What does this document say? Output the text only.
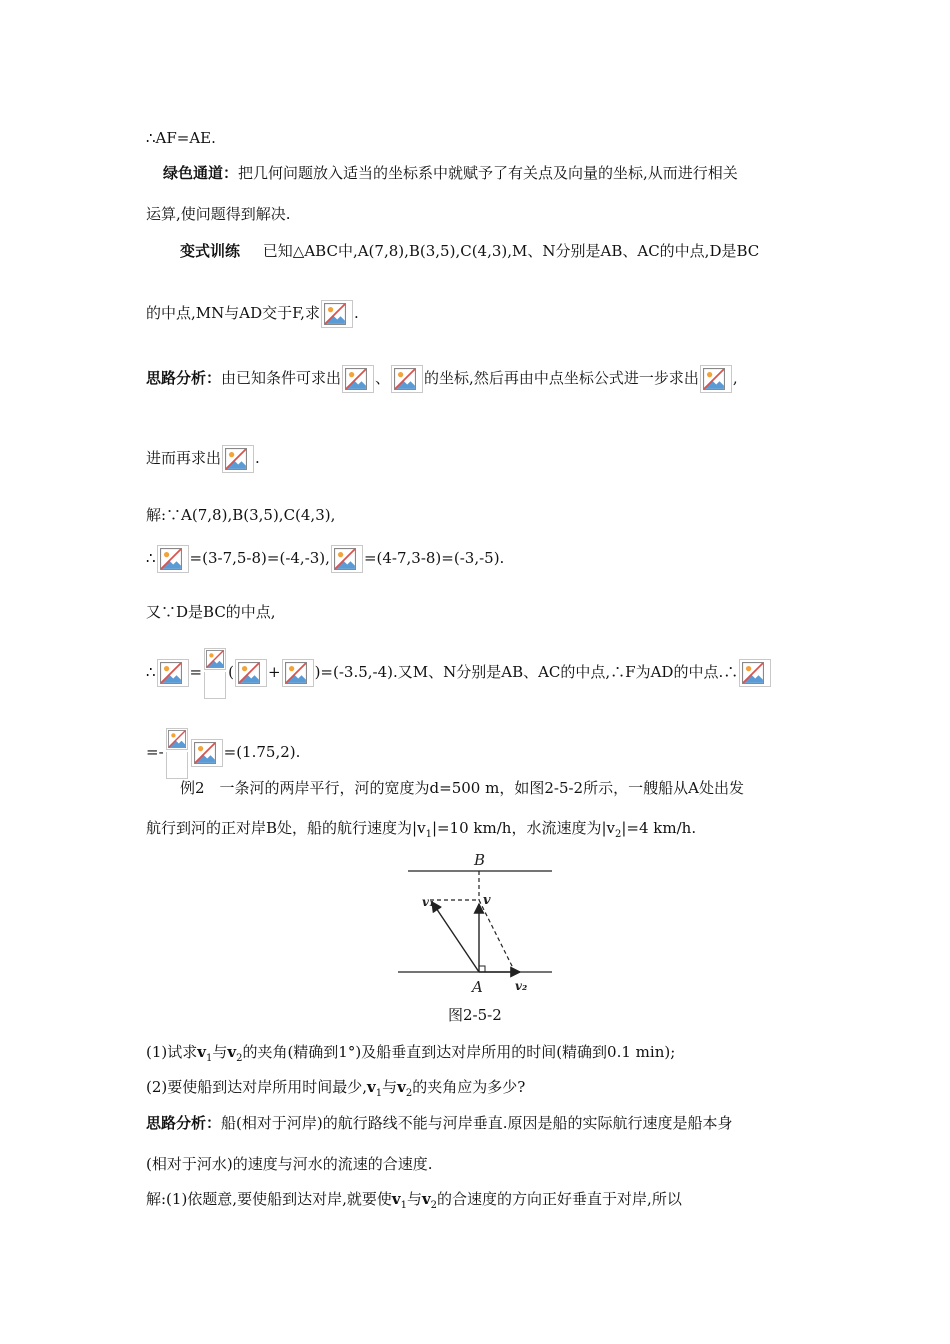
∴AF=AE.
绿色通道：把几何问题放入适当的坐标系中就赋予了有关点及向量的坐标,从而进行相关
运算,使问题得到解决.
变式训练 已知△ABC中,A(7,8),B(3,5),C(4,3),M、N分别是AB、AC的中点,D是BC
的中点,MN与AD交于F,求 .
思路分析：由已知条件可求出 、 的坐标,然后再由中点坐标公式进一步求出 ,
进而再求出 .
解:∵A(7,8),B(3,5),C(4,3),
∴ =(3-7,5-8)=(-4,-3), =(4-7,3-8)=(-3,-5).
又∵D是BC的中点,
∴ = ( + )=(-3.5,-4).又M、N分别是AB、AC的中点,∴F为AD的中点.∴
=-	=(1.75,2).
例2　一条河的两岸平行，河的宽度为d=500 m，如图2-5-2所示，一艘船从A处出发
航行到河的正对岸B处，船的航行速度为$|v_1|=10$ km/h，水流速度为$|v_2|=4$ km/h.
B
A
v₁	v
v₂
图2-5-2
(1)试求$v_1$与$v_2$的夹角(精确到1°)及船垂直到达对岸所用的时间(精确到0.1 min);
(2)要使船到达对岸所用时间最少$,v_1$与$v_2$的夹角应为多少?
思路分析：船(相对于河岸)的航行路线不能与河岸垂直.原因是船的实际航行速度是船本身
(相对于河水)的速度与河水的流速的合速度.
解:(1)依题意,要使船到达对岸,就要使$v_1$与$v_2$的合速度的方向正好垂直于对岸,所以
